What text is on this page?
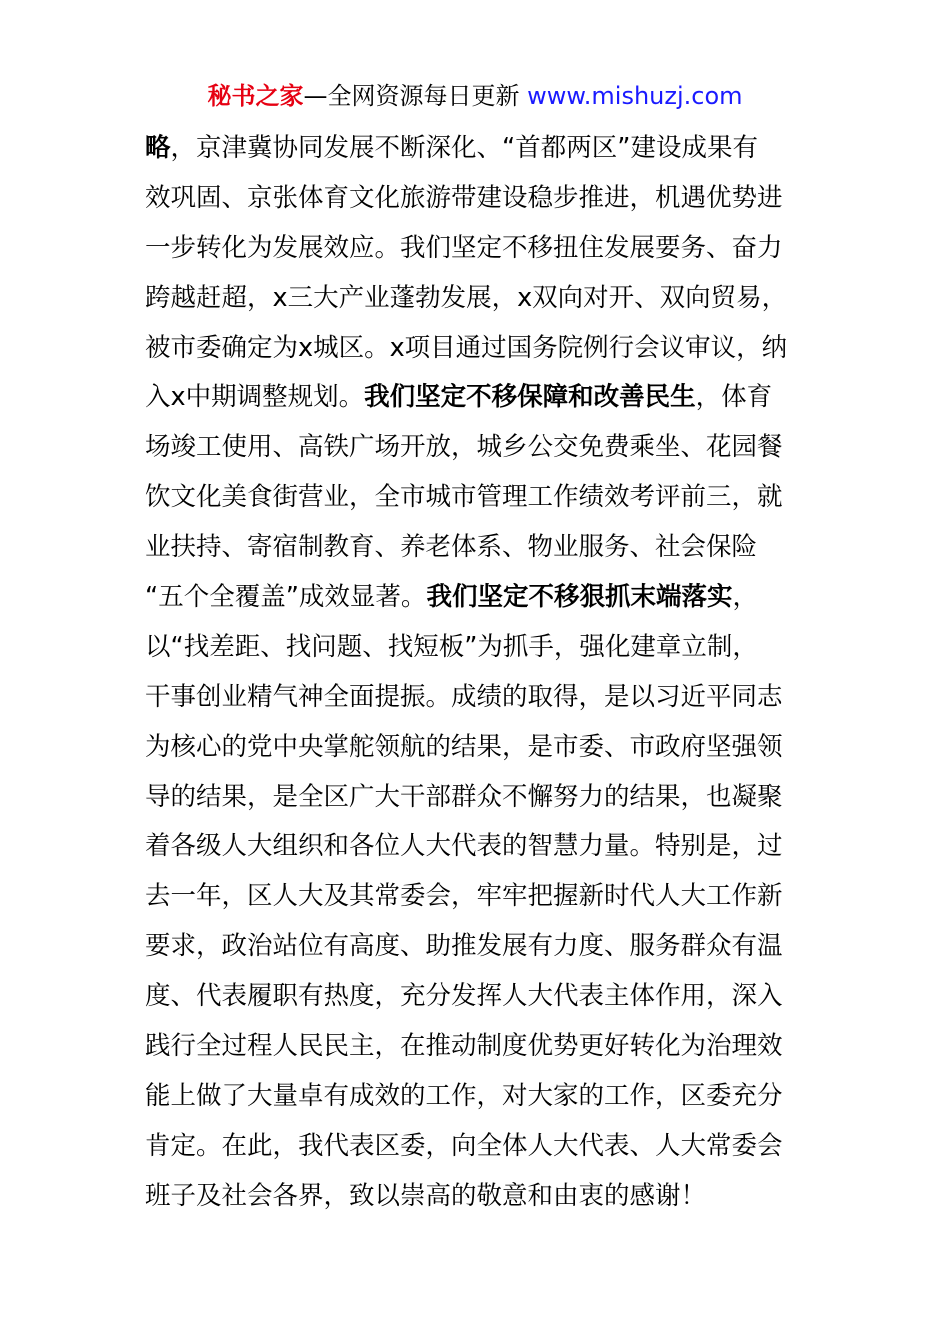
秘书之家—全网资源每日更新 www.mishuzj.com
略，京津冀协同发展不断深化、“首都两区”建设成果有
效巩固、京张体育文化旅游带建设稳步推进，机遇优势进
一步转化为发展效应。我们坚定不移扭住发展要务、奋力
跨越赶超，x三大产业蓬勃发展，x双向对开、双向贸易，
被市委确定为x城区。x项目通过国务院例行会议审议，纳
入x中期调整规划。我们坚定不移保障和改善民生，体育
场竣工使用、高铁广场开放，城乡公交免费乘坐、花园餐
饮文化美食街营业，全市城市管理工作绩效考评前三，就
业扶持、寄宿制教育、养老体系、物业服务、社会保险
“五个全覆盖”成效显著。我们坚定不移狠抓末端落实，
以“找差距、找问题、找短板”为抓手，强化建章立制，
干事创业精气神全面提振。成绩的取得，是以习近平同志
为核心的党中央掌舵领航的结果，是市委、市政府坚强领
导的结果，是全区广大干部群众不懈努力的结果，也凝聚
着各级人大组织和各位人大代表的智慧力量。特别是，过
去一年，区人大及其常委会，牢牢把握新时代人大工作新
要求，政治站位有高度、助推发展有力度、服务群众有温
度、代表履职有热度，充分发挥人大代表主体作用，深入
践行全过程人民民主，在推动制度优势更好转化为治理效
能上做了大量卓有成效的工作，对大家的工作，区委充分
肯定。在此，我代表区委，向全体人大代表、人大常委会
班子及社会各界，致以崇高的敬意和由衷的感谢！
